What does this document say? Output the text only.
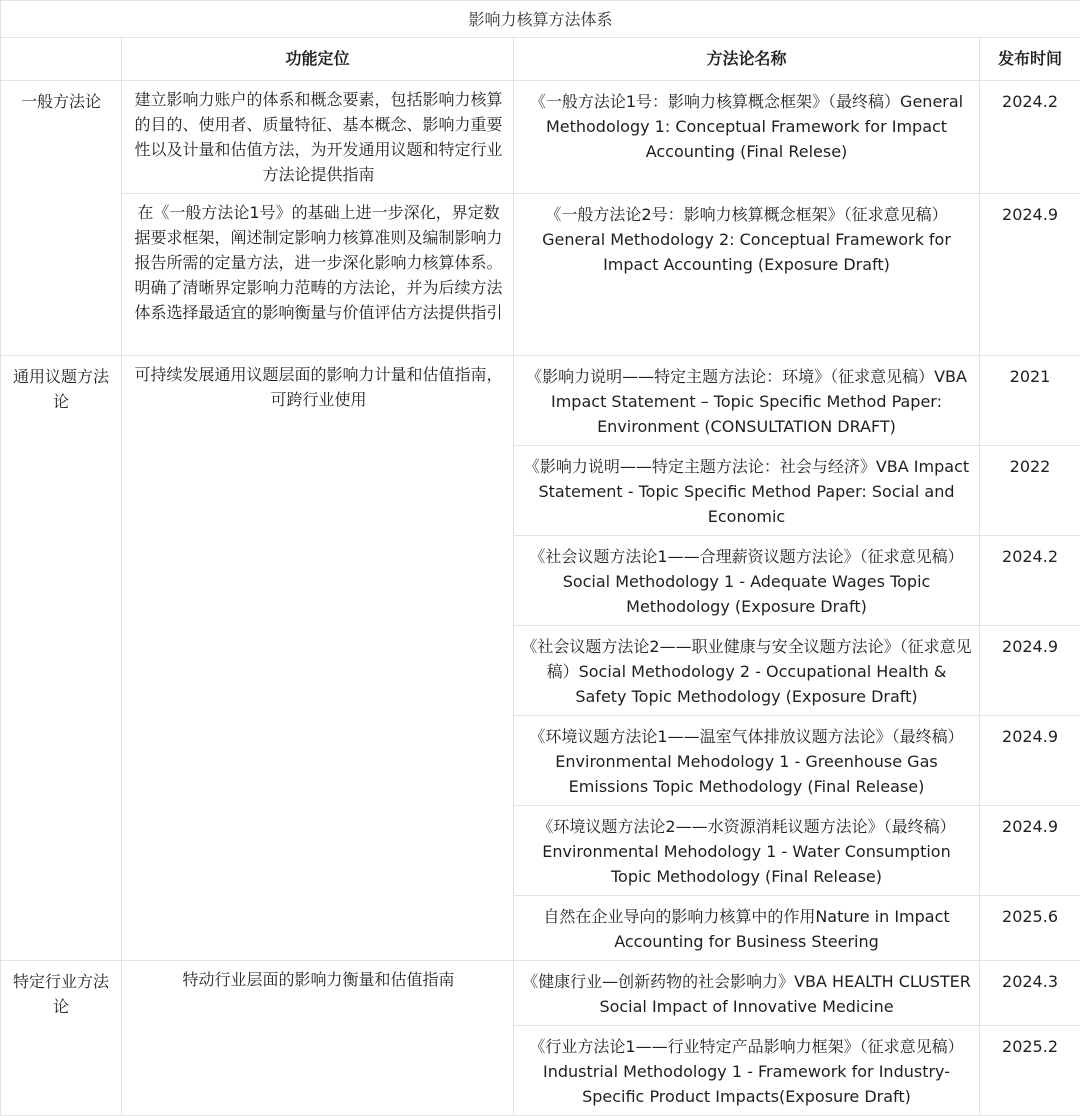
影响力核算方法体系			
	功能定位	方法论名称	发布时间
一般方法论	建立影响力账户的体系和概念要素，包括影响力核算的目的、使用者、质量特征、基本概念、影响力重要性以及计量和估值方法，为开发通用议题和特定行业方法论提供指南	《一般方法论1号：影响力核算概念框架》（最终稿）General Methodology 1: Conceptual Framework for Impact Accounting (Final Relese)	2024.2
	在《一般方法论1号》的基础上进一步深化，界定数据要求框架，阐述制定影响力核算准则及编制影响力报告所需的定量方法，进一步深化影响力核算体系。明确了清晰界定影响力范畴的方法论，并为后续方法体系选择最适宜的影响衡量与价值评估方法提供指引	《一般方法论2号：影响力核算概念框架》（征求意见稿）General Methodology 2: Conceptual Framework for Impact Accounting (Exposure Draft)	2024.9
通用议题方法论	可持续发展通用议题层面的影响力计量和估值指南，可跨行业使用	《影响力说明——特定主题方法论：环境》（征求意见稿）VBA Impact Statement – Topic Specific Method Paper: Environment (CONSULTATION DRAFT)	2021
		《影响力说明——特定主题方法论：社会与经济》VBA Impact Statement - Topic Specific Method Paper: Social and Economic	2022
		《社会议题方法论1——合理薪资议题方法论》（征求意见稿）Social Methodology 1 - Adequate Wages Topic Methodology (Exposure Draft)	2024.2
		《社会议题方法论2——职业健康与安全议题方法论》（征求意见稿）Social Methodology 2 - Occupational Health & Safety Topic Methodology (Exposure Draft)	2024.9
		《环境议题方法论1——温室气体排放议题方法论》（最终稿）Environmental Mehodology 1 - Greenhouse Gas Emissions Topic Methodology (Final Release)	2024.9
		《环境议题方法论2——水资源消耗议题方法论》（最终稿）Environmental Mehodology 1 - Water Consumption Topic Methodology (Final Release)	2024.9
		自然在企业导向的影响力核算中的作用Nature in Impact Accounting for Business Steering	2025.6
特定行业方法论	特动行业层面的影响力衡量和估值指南	《健康行业—创新药物的社会影响力》VBA HEALTH CLUSTER Social Impact of Innovative Medicine	2024.3
		《行业方法论1——行业特定产品影响力框架》（征求意见稿）Industrial Methodology 1 - Framework for Industry-Specific Product Impacts(Exposure Draft)	2025.2
